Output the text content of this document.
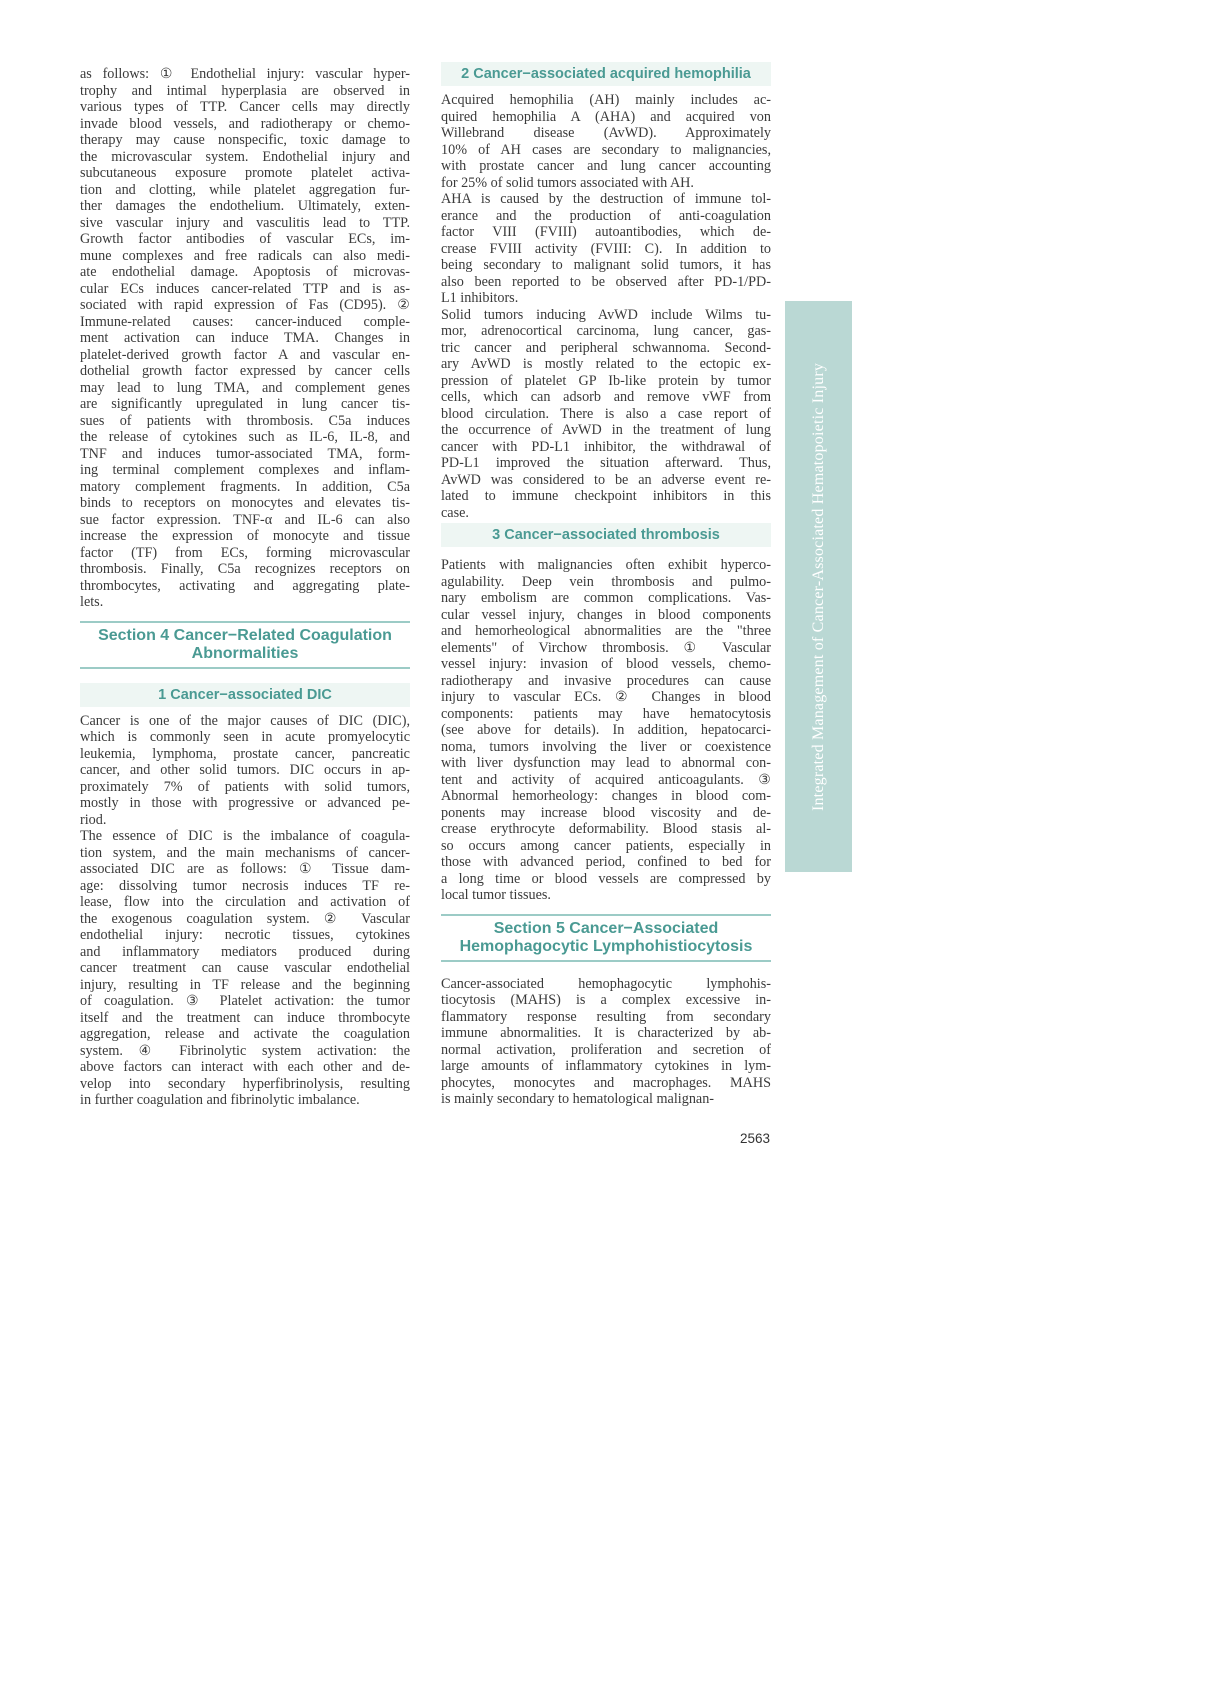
as follows: ① Endothelial injury: vascular hyper-
trophy and intimal hyperplasia are observed in
various types of TTP. Cancer cells may directly
invade blood vessels, and radiotherapy or chemo-
therapy may cause nonspecific, toxic damage to
the microvascular system. Endothelial injury and
subcutaneous exposure promote platelet activa-
tion and clotting, while platelet aggregation fur-
ther damages the endothelium. Ultimately, exten-
sive vascular injury and vasculitis lead to TTP.
Growth factor antibodies of vascular ECs, im-
mune complexes and free radicals can also medi-
ate endothelial damage. Apoptosis of microvas-
cular ECs induces cancer-related TTP and is as-
sociated with rapid expression of Fas (CD95). ②
Immune-related causes: cancer-induced comple-
ment activation can induce TMA. Changes in
platelet-derived growth factor A and vascular en-
dothelial growth factor expressed by cancer cells
may lead to lung TMA, and complement genes
are significantly upregulated in lung cancer tis-
sues of patients with thrombosis. C5a induces
the release of cytokines such as IL-6, IL-8, and
TNF and induces tumor-associated TMA, form-
ing terminal complement complexes and inflam-
matory complement fragments. In addition, C5a
binds to receptors on monocytes and elevates tis-
sue factor expression. TNF-α and IL-6 can also
increase the expression of monocyte and tissue
factor (TF) from ECs, forming microvascular
thrombosis. Finally, C5a recognizes receptors on
thrombocytes, activating and aggregating plate-
lets.
Section 4 Cancer−Related Coagulation
Abnormalities
1 Cancer−associated DIC
Cancer is one of the major causes of DIC (DIC),
which is commonly seen in acute promyelocytic
leukemia, lymphoma, prostate cancer, pancreatic
cancer, and other solid tumors. DIC occurs in ap-
proximately 7% of patients with solid tumors,
mostly in those with progressive or advanced pe-
riod.
The essence of DIC is the imbalance of coagula-
tion system, and the main mechanisms of cancer-
associated DIC are as follows: ① Tissue dam-
age: dissolving tumor necrosis induces TF re-
lease, flow into the circulation and activation of
the exogenous coagulation system. ② Vascular
endothelial injury: necrotic tissues, cytokines
and inflammatory mediators produced during
cancer treatment can cause vascular endothelial
injury, resulting in TF release and the beginning
of coagulation. ③ Platelet activation: the tumor
itself and the treatment can induce thrombocyte
aggregation, release and activate the coagulation
system. ④ Fibrinolytic system activation: the
above factors can interact with each other and de-
velop into secondary hyperfibrinolysis, resulting
in further coagulation and fibrinolytic imbalance.
2 Cancer−associated acquired hemophilia
Acquired hemophilia (AH) mainly includes ac-
quired hemophilia A (AHA) and acquired von
Willebrand disease (AvWD). Approximately
10% of AH cases are secondary to malignancies,
with prostate cancer and lung cancer accounting
for 25% of solid tumors associated with AH.
AHA is caused by the destruction of immune tol-
erance and the production of anti-coagulation
factor VIII (FVIII) autoantibodies, which de-
crease FVIII activity (FVIII: C). In addition to
being secondary to malignant solid tumors, it has
also been reported to be observed after PD-1/PD-
L1 inhibitors.
Solid tumors inducing AvWD include Wilms tu-
mor, adrenocortical carcinoma, lung cancer, gas-
tric cancer and peripheral schwannoma. Second-
ary AvWD is mostly related to the ectopic ex-
pression of platelet GP Ib-like protein by tumor
cells, which can adsorb and remove vWF from
blood circulation. There is also a case report of
the occurrence of AvWD in the treatment of lung
cancer with PD-L1 inhibitor, the withdrawal of
PD-L1 improved the situation afterward. Thus,
AvWD was considered to be an adverse event re-
lated to immune checkpoint inhibitors in this
case.
3 Cancer−associated thrombosis
Patients with malignancies often exhibit hyperco-
agulability. Deep vein thrombosis and pulmo-
nary embolism are common complications. Vas-
cular vessel injury, changes in blood components
and hemorheological abnormalities are the "three
elements" of Virchow thrombosis. ① Vascular
vessel injury: invasion of blood vessels, chemo-
radiotherapy and invasive procedures can cause
injury to vascular ECs. ② Changes in blood
components: patients may have hematocytosis
(see above for details). In addition, hepatocarci-
noma, tumors involving the liver or coexistence
with liver dysfunction may lead to abnormal con-
tent and activity of acquired anticoagulants. ③
Abnormal hemorheology: changes in blood com-
ponents may increase blood viscosity and de-
crease erythrocyte deformability. Blood stasis al-
so occurs among cancer patients, especially in
those with advanced period, confined to bed for
a long time or blood vessels are compressed by
local tumor tissues.
Section 5 Cancer−Associated
Hemophagocytic Lymphohistiocytosis
Cancer-associated hemophagocytic lymphohis-
tiocytosis (MAHS) is a complex excessive in-
flammatory response resulting from secondary
immune abnormalities. It is characterized by ab-
normal activation, proliferation and secretion of
large amounts of inflammatory cytokines in lym-
phocytes, monocytes and macrophages. MAHS
is mainly secondary to hematological malignan-
Integrated Management of Cancer-Associated Hematopoietic Injury
2563
